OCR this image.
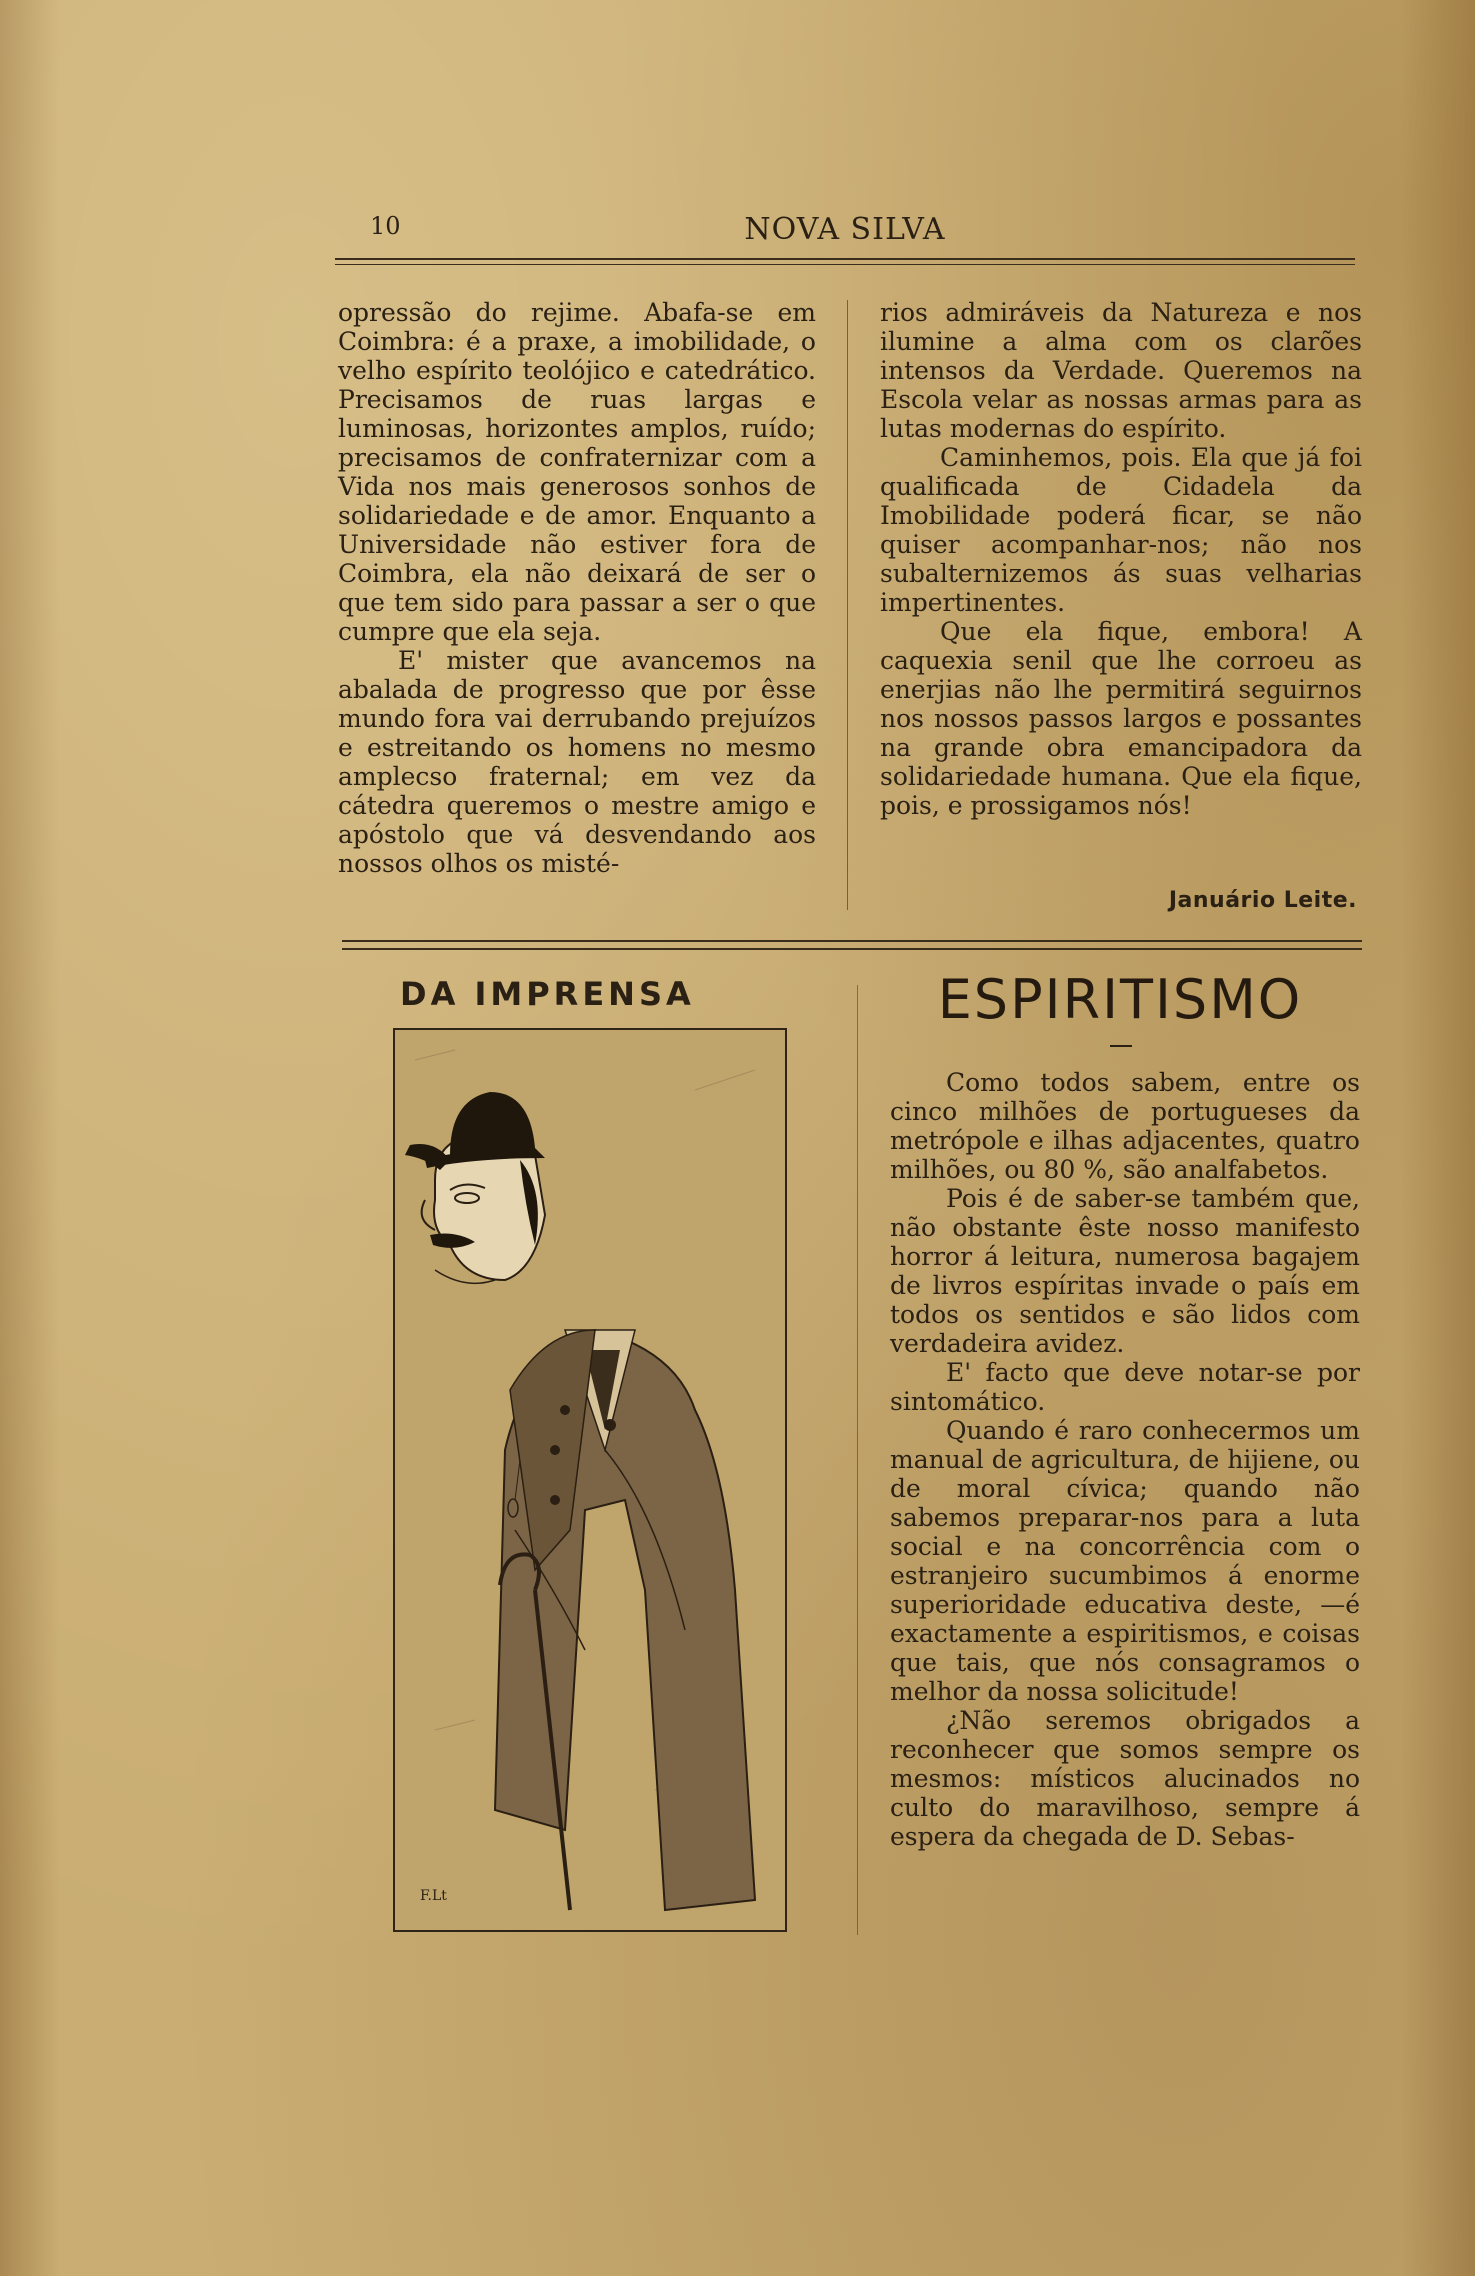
10	NOVA SILVA

opressão do rejime. Abafa-se em Coimbra: é a praxe, a imobilidade, o velho espírito teolójico e catedrático. Precisamos de ruas largas e luminosas, horizontes amplos, ruído; precisamos de confraternizar com a Vida nos mais generosos sonhos de solidariedade e de amor. Enquanto a Universidade não estiver fora de Coimbra, ela não deixará de ser o que tem sido para passar a ser o que cumpre que ela seja.

E' mister que avancemos na abalada de progresso que por êsse mundo fora vai derrubando prejuízos e estreitando os homens no mesmo amplecso fraternal; em vez da cátedra queremos o mestre amigo e apóstolo que vá desvendando aos nossos olhos os misté-

rios admiráveis da Natureza e nos ilumine a alma com os clarões intensos da Verdade. Queremos na Escola velar as nossas armas para as lutas modernas do espírito.

Caminhemos, pois. Ela que já foi qualificada de Cidadela da Imobilidade poderá ficar, se não quiser acompanhar-nos; não nos subalternizemos ás suas velharias impertinentes.

Que ela fique, embora! A caquexia senil que lhe corroeu as enerjias não lhe permitirá seguirnos nos nossos passos largos e possantes na grande obra emancipadora da solidariedade humana. Que ela fique, pois, e prossigamos nós!

Januário Leite.
DA IMPRENSA
F.Lt
ESPIRITISMO

Como todos sabem, entre os cinco milhões de portugueses da metrópole e ilhas adjacentes, quatro milhões, ou 80 %, são analfabetos.

Pois é de saber-se também que, não obstante êste nosso manifesto horror á leitura, numerosa bagajem de livros espíritas invade o país em todos os sentidos e são lidos com verdadeira avidez.

E' facto que deve notar-se por sintomático.

Quando é raro conhecermos um manual de agricultura, de hijiene, ou de moral cívica; quando não sabemos preparar-nos para a luta social e na concorrência com o estranjeiro sucumbimos á enorme superioridade educativa deste, —é exactamente a espiritismos, e coisas que tais, que nós consagramos o melhor da nossa solicitude!

¿Não seremos obrigados a reconhecer que somos sempre os mesmos: místicos alucinados no culto do maravilhoso, sempre á espera da chegada de D. Sebas-
